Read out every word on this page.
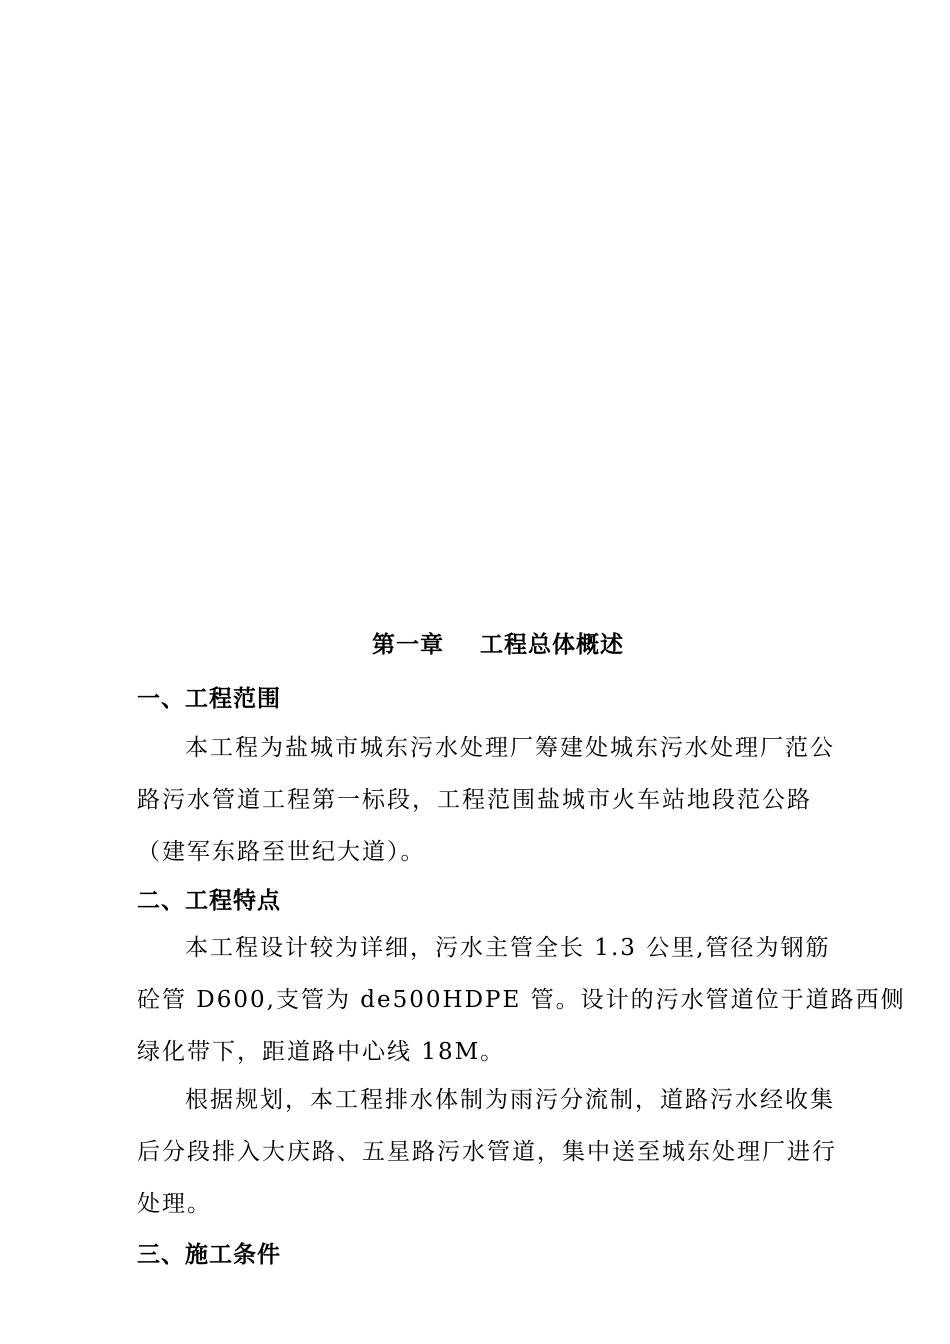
第一章    工程总体概述
一、工程范围
本工程为盐城市城东污水处理厂筹建处城东污水处理厂范公
路污水管道工程第一标段，工程范围盐城市火车站地段范公路
（建军东路至世纪大道）。
二、工程特点
本工程设计较为详细，污水主管全长 1.3 公里,管径为钢筋
砼管 D600,支管为 de500HDPE 管。设计的污水管道位于道路西侧
绿化带下，距道路中心线 18M。
根据规划，本工程排水体制为雨污分流制，道路污水经收集
后分段排入大庆路、五星路污水管道，集中送至城东处理厂进行
处理。
三、施工条件
